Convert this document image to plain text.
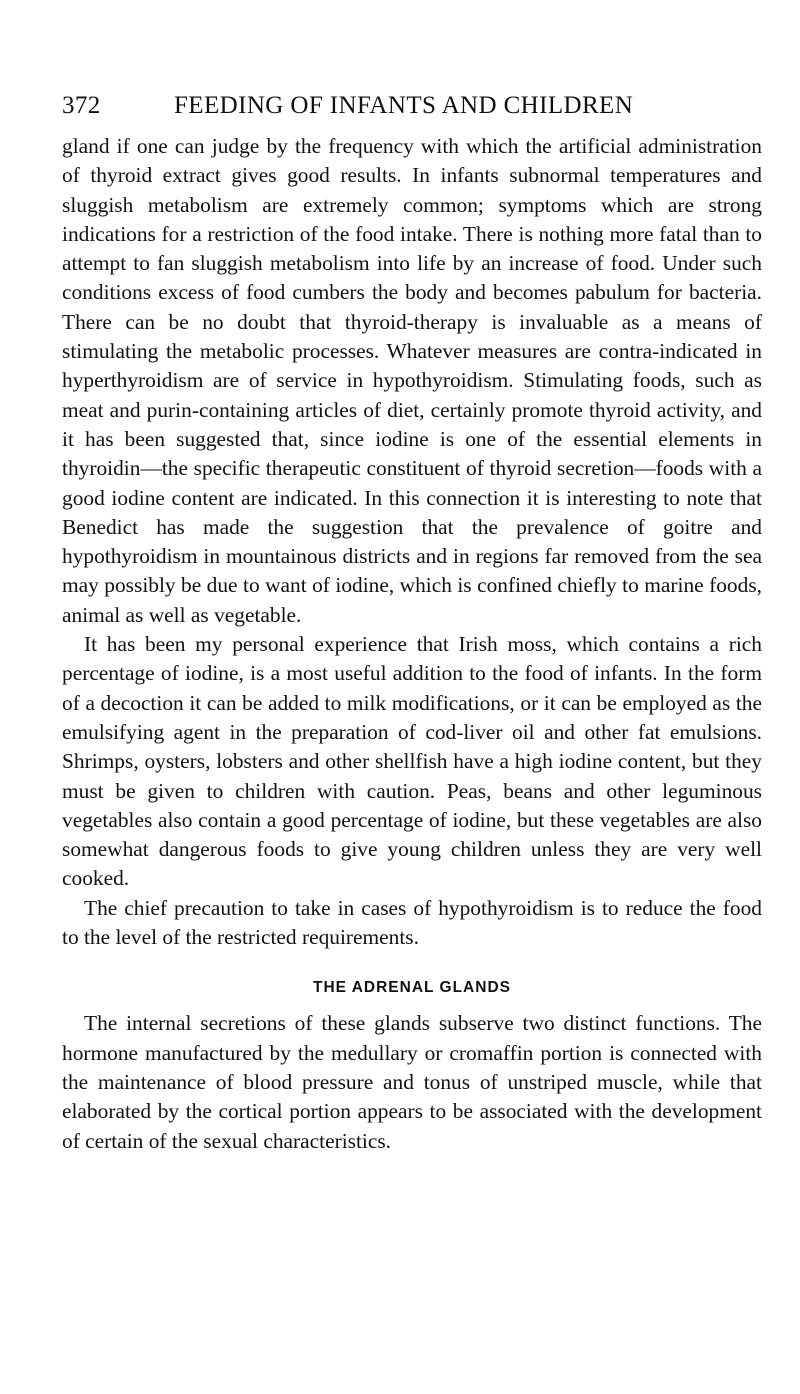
372	FEEDING OF INFANTS AND CHILDREN

gland if one can judge by the frequency with which the artificial administration of thyroid extract gives good results. In infants subnormal temperatures and sluggish metabolism are extremely common; symptoms which are strong indications for a restriction of the food intake. There is nothing more fatal than to attempt to fan sluggish metabolism into life by an increase of food. Under such conditions excess of food cumbers the body and becomes pabulum for bacteria. There can be no doubt that thyroid-therapy is invaluable as a means of stimulating the metabolic processes. Whatever measures are contra-indicated in hyperthyroidism are of service in hypothyroidism. Stimulating foods, such as meat and purin-containing articles of diet, certainly promote thyroid activity, and it has been suggested that, since iodine is one of the essential elements in thyroidin—the specific therapeutic constituent of thyroid secretion—foods with a good iodine content are indicated. In this connection it is interesting to note that Benedict has made the suggestion that the prevalence of goitre and hypothyroidism in mountainous districts and in regions far removed from the sea may possibly be due to want of iodine, which is confined chiefly to marine foods, animal as well as vegetable.

It has been my personal experience that Irish moss, which contains a rich percentage of iodine, is a most useful addition to the food of infants. In the form of a decoction it can be added to milk modifications, or it can be employed as the emulsifying agent in the preparation of cod-liver oil and other fat emulsions. Shrimps, oysters, lobsters and other shellfish have a high iodine content, but they must be given to children with caution. Peas, beans and other leguminous vegetables also contain a good percentage of iodine, but these vegetables are also somewhat dangerous foods to give young children unless they are very well cooked.

The chief precaution to take in cases of hypothyroidism is to reduce the food to the level of the restricted requirements.

THE ADRENAL GLANDS

The internal secretions of these glands subserve two distinct functions. The hormone manufactured by the medullary or cromaffin portion is connected with the maintenance of blood pressure and tonus of unstriped muscle, while that elaborated by the cortical portion appears to be associated with the development of certain of the sexual characteristics.
